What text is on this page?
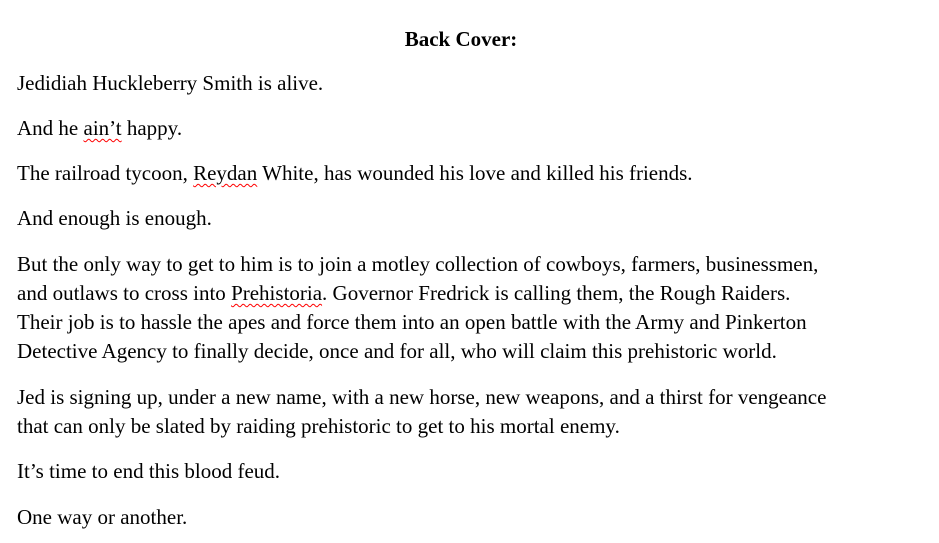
Back Cover:
Jedidiah Huckleberry Smith is alive.
And he ain’t happy.
The railroad tycoon, Reydan White, has wounded his love and killed his friends.
And enough is enough.
But the only way to get to him is to join a motley collection of cowboys, farmers, businessmen,
and outlaws to cross into Prehistoria. Governor Fredrick is calling them, the Rough Raiders.
Their job is to hassle the apes and force them into an open battle with the Army and Pinkerton
Detective Agency to finally decide, once and for all, who will claim this prehistoric world.
Jed is signing up, under a new name, with a new horse, new weapons, and a thirst for vengeance
that can only be slated by raiding prehistoric to get to his mortal enemy.
It’s time to end this blood feud.
One way or another.
